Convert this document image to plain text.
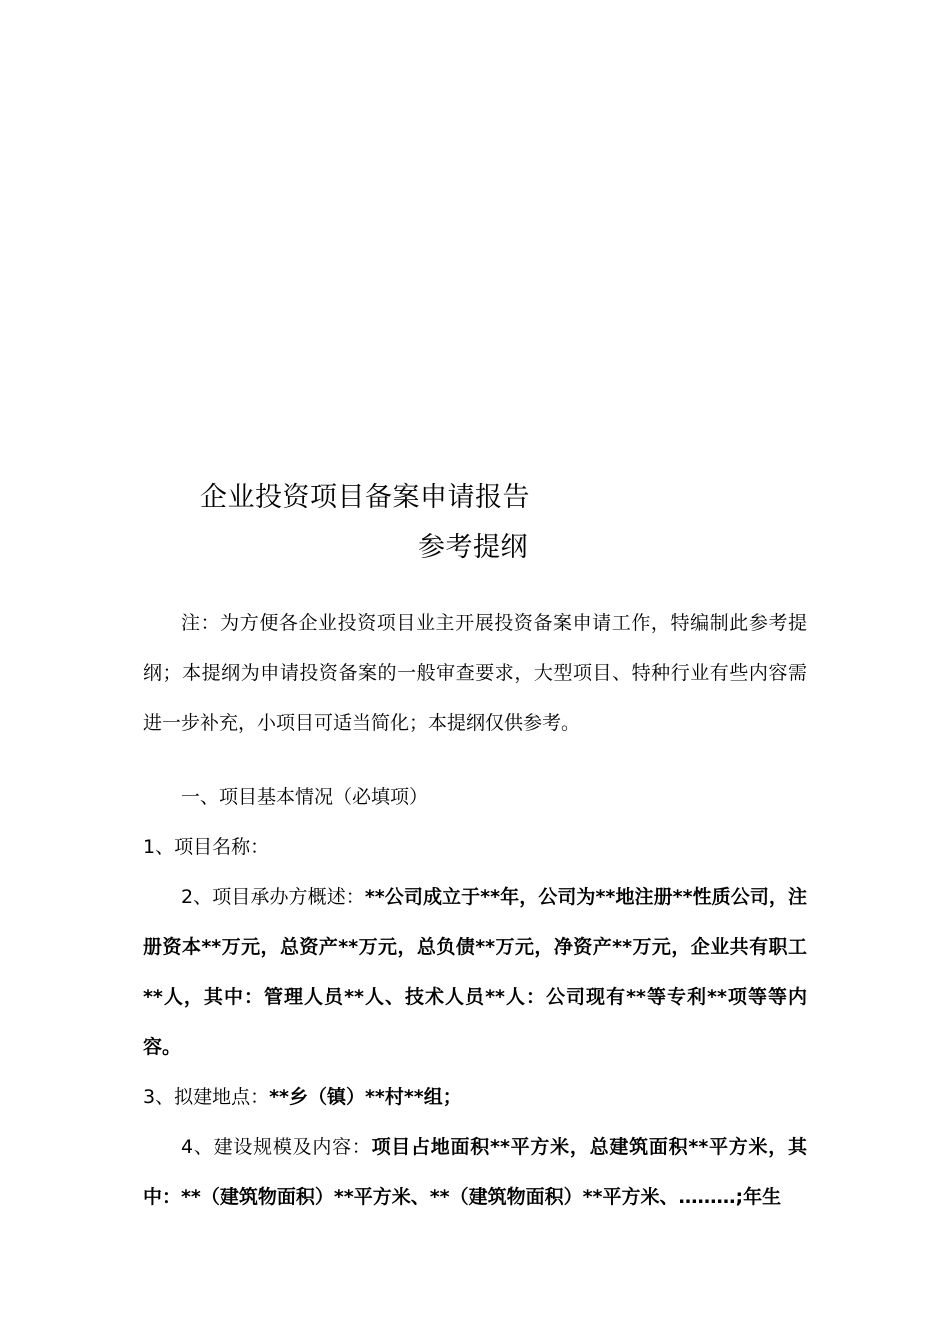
企业投资项目备案申请报告
参考提纲

注：为方便各企业投资项目业主开展投资备案申请工作，特编制此参考提纲；本提纲为申请投资备案的一般审查要求，大型项目、特种行业有些内容需进一步补充，小项目可适当简化；本提纲仅供参考。

一、项目基本情况（必填项）

1、项目名称：

2、项目承办方概述：**公司成立于**年，公司为**地注册**性质公司，注册资本**万元，总资产**万元，总负债**万元，净资产**万元，企业共有职工**人，其中：管理人员**人、技术人员**人：公司现有**等专利**项等等内容。

3、拟建地点：**乡（镇）**村**组；

4、建设规模及内容：项目占地面积**平方米，总建筑面积**平方米，其中：**（建筑物面积）**平方米、**（建筑物面积）**平方米、………;年生
